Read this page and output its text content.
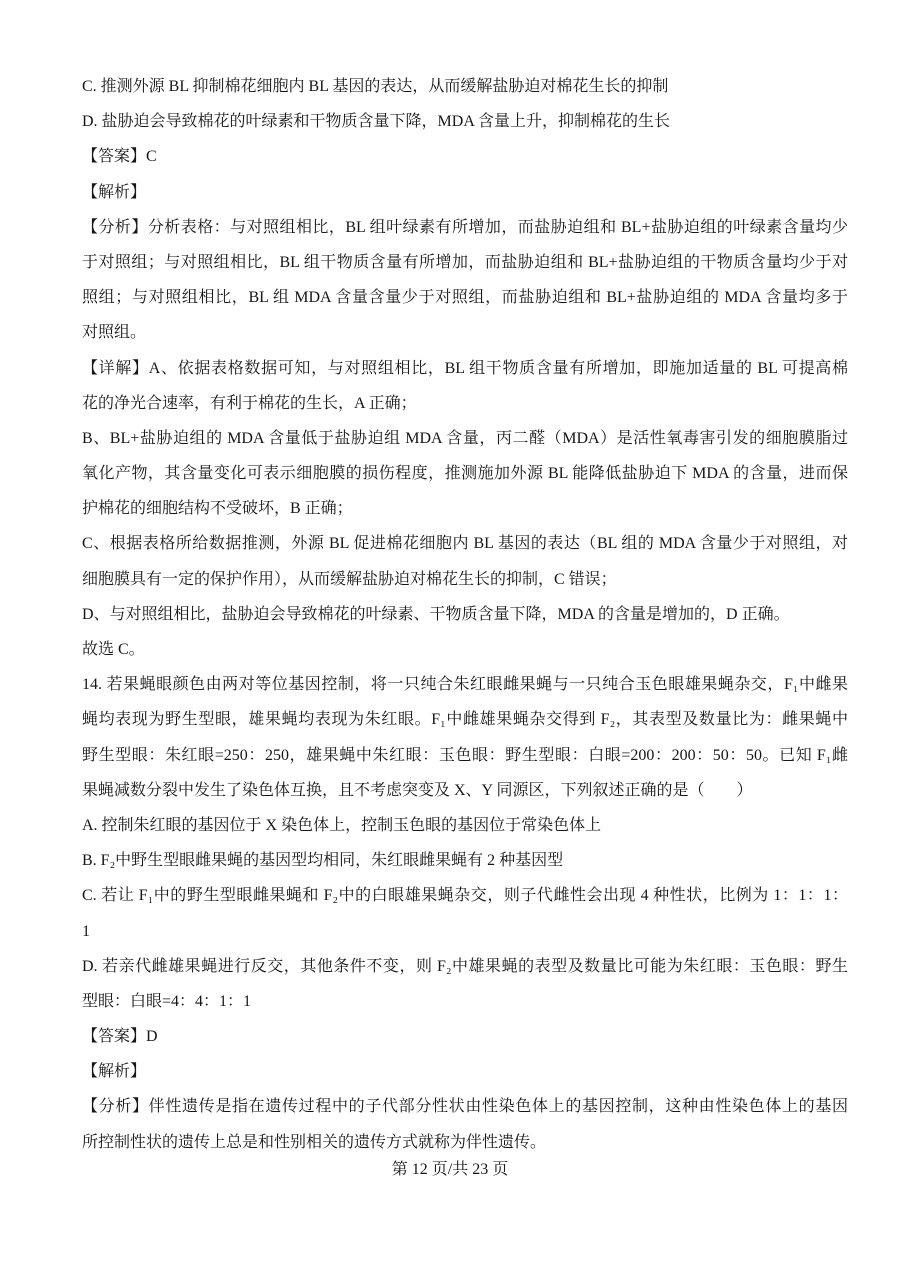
C. 推测外源 BL 抑制棉花细胞内 BL 基因的表达，从而缓解盐胁迫对棉花生长的抑制
D. 盐胁迫会导致棉花的叶绿素和干物质含量下降，MDA 含量上升，抑制棉花的生长
【答案】C
【解析】
【分析】分析表格：与对照组相比，BL 组叶绿素有所增加，而盐胁迫组和 BL+盐胁迫组的叶绿素含量均少
于对照组；与对照组相比，BL 组干物质含量有所增加，而盐胁迫组和 BL+盐胁迫组的干物质含量均少于对
照组；与对照组相比，BL 组 MDA 含量含量少于对照组，而盐胁迫组和 BL+盐胁迫组的 MDA 含量均多于
对照组。
【详解】A、依据表格数据可知，与对照组相比，BL 组干物质含量有所增加，即施加适量的 BL 可提高棉
花的净光合速率，有利于棉花的生长，A 正确；
B、BL+盐胁迫组的 MDA 含量低于盐胁迫组 MDA 含量，丙二醛（MDA）是活性氧毒害引发的细胞膜脂过
氧化产物，其含量变化可表示细胞膜的损伤程度，推测施加外源 BL 能降低盐胁迫下 MDA 的含量，进而保
护棉花的细胞结构不受破坏，B 正确；
C、根据表格所给数据推测，外源 BL 促进棉花细胞内 BL 基因的表达（BL 组的 MDA 含量少于对照组，对
细胞膜具有一定的保护作用），从而缓解盐胁迫对棉花生长的抑制，C 错误；
D、与对照组相比，盐胁迫会导致棉花的叶绿素、干物质含量下降，MDA 的含量是增加的，D 正确。
故选 C。
14. 若果蝇眼颜色由两对等位基因控制，将一只纯合朱红眼雌果蝇与一只纯合玉色眼雄果蝇杂交，F₁中雌果
蝇均表现为野生型眼，雄果蝇均表现为朱红眼。F₁中雌雄果蝇杂交得到 F₂，其表型及数量比为：雌果蝇中
野生型眼：朱红眼=250：250，雄果蝇中朱红眼：玉色眼：野生型眼：白眼=200：200：50：50。已知 F₁雌
果蝇减数分裂中发生了染色体互换，且不考虑突变及 X、Y 同源区，下列叙述正确的是（　　）
A. 控制朱红眼的基因位于 X 染色体上，控制玉色眼的基因位于常染色体上
B. F₂中野生型眼雌果蝇的基因型均相同，朱红眼雌果蝇有 2 种基因型
C. 若让 F₁中的野生型眼雌果蝇和 F₂中的白眼雄果蝇杂交，则子代雌性会出现 4 种性状，比例为 1：1：1：
1
D. 若亲代雌雄果蝇进行反交，其他条件不变，则 F₂中雄果蝇的表型及数量比可能为朱红眼：玉色眼：野生
型眼：白眼=4：4：1：1
【答案】D
【解析】
【分析】伴性遗传是指在遗传过程中的子代部分性状由性染色体上的基因控制，这种由性染色体上的基因
所控制性状的遗传上总是和性别相关的遗传方式就称为伴性遗传。
第 12 页/共 23 页
